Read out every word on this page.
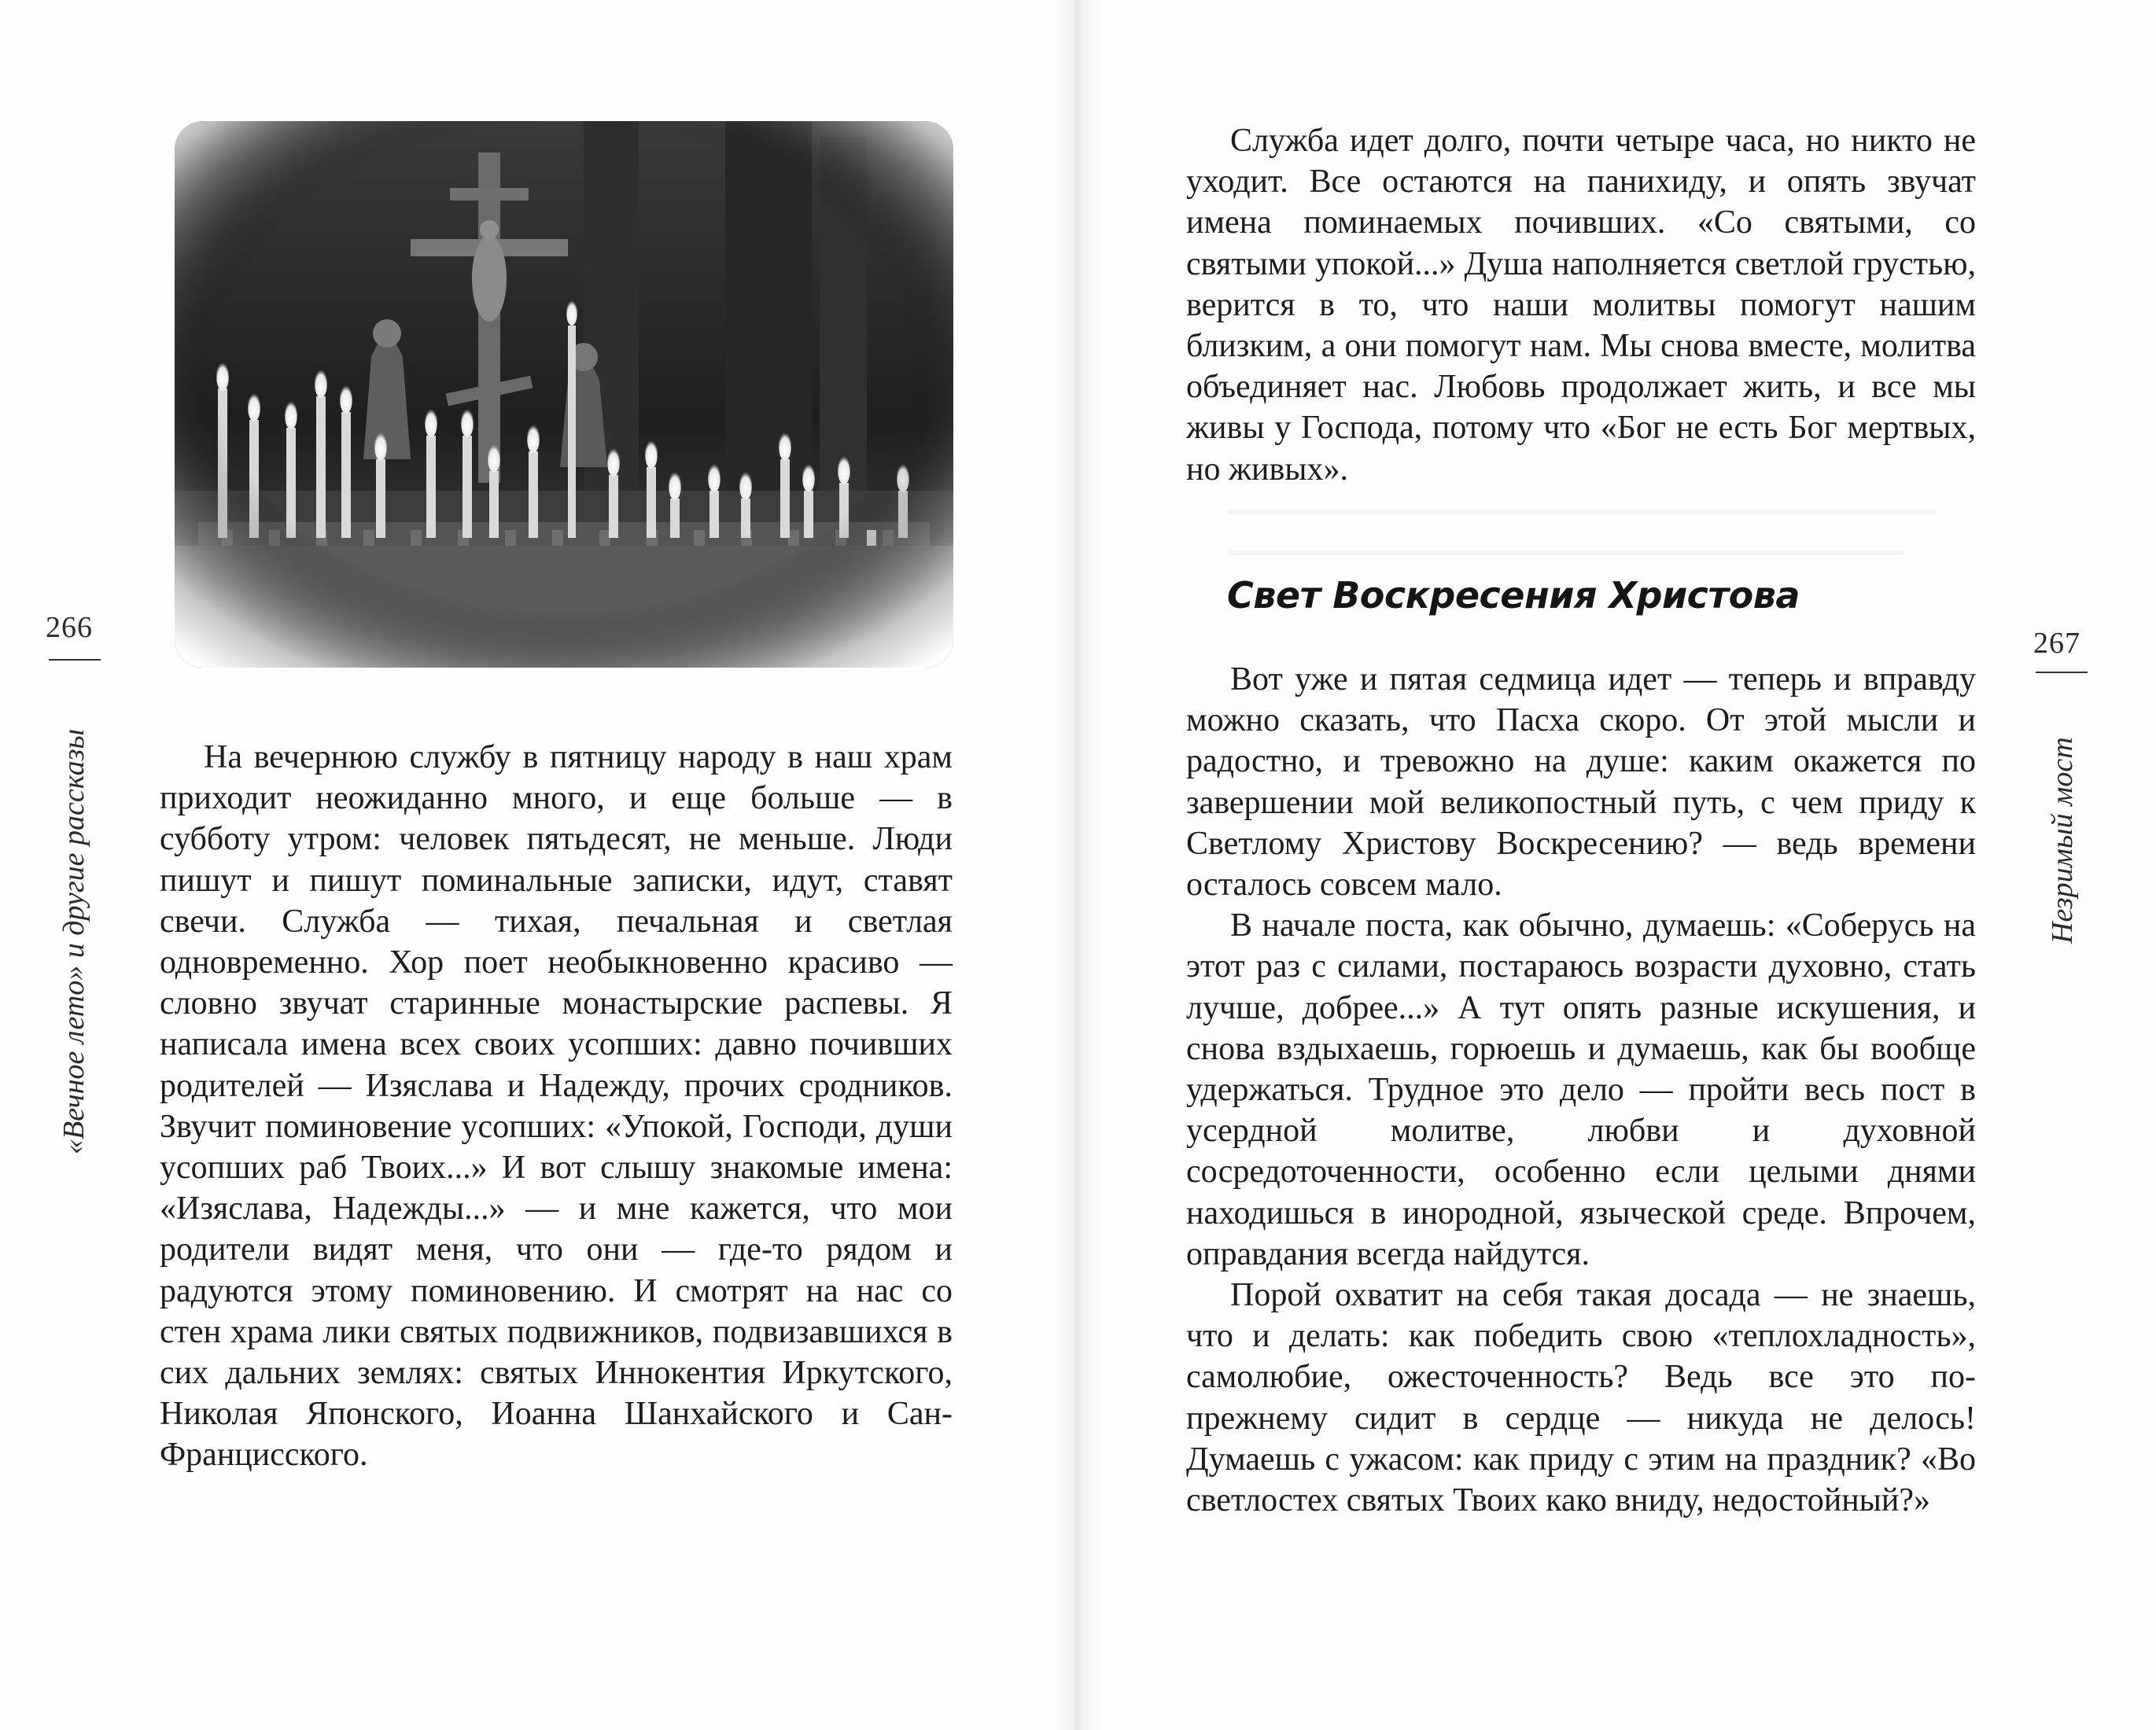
266
«Вечное лето» и другие рассказы	На вечернюю службу в пятницу народу в наш храм приходит неожиданно много, и еще больше — в субботу утром: человек пятьдесят, не меньше. Люди пишут и пишут поминальные записки, идут, ставят свечи. Служба — тихая, печальная и светлая одновременно. Хор поет необыкновенно красиво — словно звучат старинные монастырские распевы. Я написала имена всех своих усопших: давно почивших родителей — Изяслава и Надежду, прочих сродников. Звучит поминовение усопших: «Упокой, Господи, души усопших раб Твоих...» И вот слышу знакомые имена: «Изяслава, Надежды...» — и мне кажется, что мои родители видят меня, что они — где-то рядом и радуются этому поминовению. И смотрят на нас со стен храма лики святых подвижников, подвизавшихся в сих дальних землях: святых Иннокентия Иркутского, Николая Японского, Иоанна Шанхайского и Сан-Францисского.

267
Незримый мост

Служба идет долго, почти четыре часа, но никто не уходит. Все остаются на панихиду, и опять звучат имена поминаемых почивших. «Со святыми, со святыми упокой...» Душа наполняется светлой грустью, верится в то, что наши молитвы помогут нашим близким, а они помогут нам. Мы снова вместе, молитва объединяет нас. Любовь продолжает жить, и все мы живы у Господа, потому что «Бог не есть Бог мертвых, но живых».

Свет Воскресения Христова

Вот уже и пятая седмица идет — теперь и вправду можно сказать, что Пасха скоро. От этой мысли и радостно, и тревожно на душе: каким окажется по завершении мой великопостный путь, с чем приду к Светлому Христову Воскресению? — ведь времени осталось совсем мало.

В начале поста, как обычно, думаешь: «Соберусь на этот раз с силами, постараюсь возрасти духовно, стать лучше, добрее...» А тут опять разные искушения, и снова вздыхаешь, горюешь и думаешь, как бы вообще удержаться. Трудное это дело — пройти весь пост в усердной молитве, любви и духовной сосредоточенности, особенно если целыми днями находишься в инородной, языческой среде. Впрочем, оправдания всегда найдутся.

Порой охватит на себя такая досада — не знаешь, что и делать: как победить свою «теплохладность», самолюбие, ожесточенность? Ведь все это по-прежнему сидит в сердце — никуда не делось! Думаешь с ужасом: как приду с этим на праздник? «Во светлостех святых Твоих како вниду, недостойный?»
